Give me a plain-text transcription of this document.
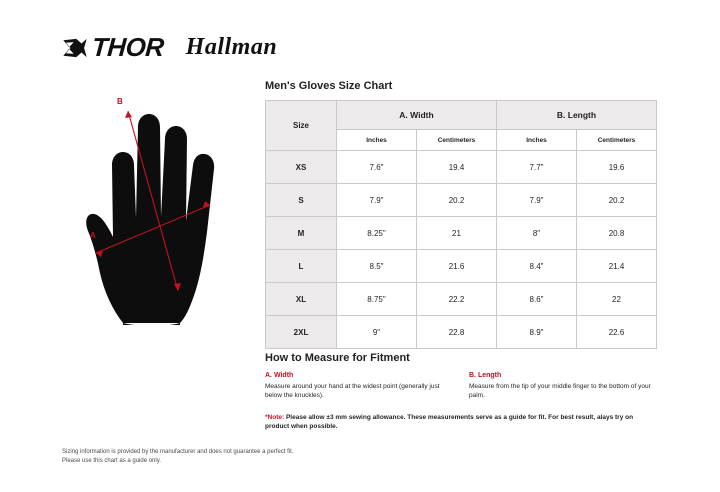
THOR Hallman
A
B
Men's Gloves Size Chart
Size	A. Width		B. Length	
	Inches	Centimeters	Inches	Centimeters
XS	7.6"	19.4	7.7"	19.6
S	7.9"	20.2	7.9"	20.2
M	8.25"	21	8"	20.8
L	8.5"	21.6	8.4"	21.4
XL	8.75"	22.2	8.6"	22
2XL	9"	22.8	8.9"	22.6
How to Measure for Fitment
A. Width
Measure around your hand at the widest point (generally just below the knuckles).
B. Length
Measure from the tip of your middle finger to the bottom of your palm.
*Note: Please allow ±3 mm sewing allowance. These measurements serve as a guide for fit. For best result, alays try on product when possible.
Sizing information is provided by the manufacturer and does not guarantee a perfect fit.
Please use this chart as a guide only.
